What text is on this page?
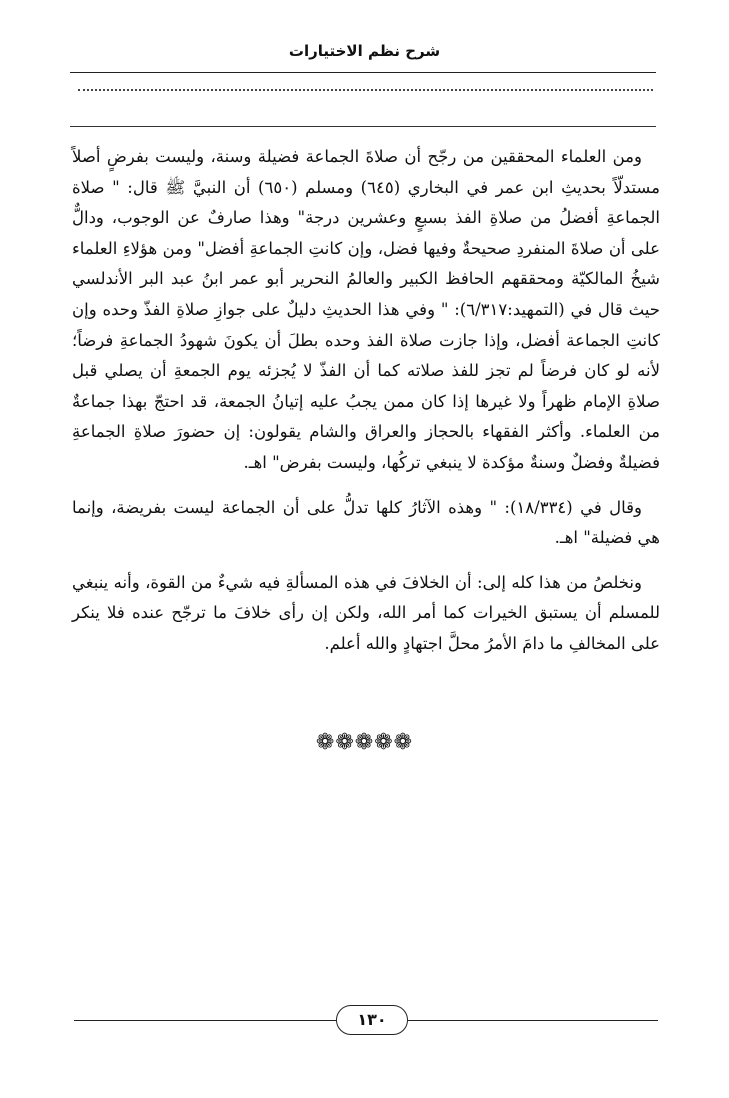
شرح نظم الاختيارات

ومن العلماء المحققين من رجّح أن صلاةَ الجماعة فضيلة وسنة، وليست بفرضٍ أصلاً مستدلّاً بحديثِ ابن عمر في البخاري (٦٤٥) ومسلم (٦٥٠) أن النبيَّ ﷺ قال: " صلاة الجماعةِ أفضلُ من صلاةِ الفذ بسبعٍ وعشرين درجة" وهذا صارفٌ عن الوجوب، ودالٌّ على أن صلاةَ المنفردِ صحيحةٌ وفيها فضل، وإن كانتِ الجماعةِ أفضل" ومن هؤلاءِ العلماء شيخُ المالكيّة ومحققهم الحافظ الكبير والعالمُ النحرير أبو عمر ابنُ عبد البر الأندلسي حيث قال في (التمهيد:٦/٣١٧): " وفي هذا الحديثِ دليلٌ على جوازِ صلاةِ الفذّ وحده وإن كانتِ الجماعة أفضل، وإذا جازت صلاة الفذ وحده بطلَ أن يكونَ شهودُ الجماعةِ فرضاً؛ لأنه لو كان فرضاً لم تجز للفذ صلاته كما أن الفذّ لا يُجزئه يوم الجمعةِ أن يصلي قبل صلاةِ الإمام ظهراً ولا غيرها إذا كان ممن يجبُ عليه إتيانُ الجمعة، قد احتجّ بهذا جماعةٌ من العلماء. وأكثر الفقهاء بالحجاز والعراق والشام يقولون: إن حضورَ صلاةِ الجماعةِ فضيلةٌ وفضلٌ وسنةٌ مؤكدة لا ينبغي تركُها، وليست بفرض" اهـ.

وقال في (١٨/٣٣٤): " وهذه الآثارُ كلها تدلُّ على أن الجماعة ليست بفريضة، وإنما هي فضيلة" اهـ.

ونخلصُ من هذا كله إلى: أن الخلافَ في هذه المسألةِ فيه شيءٌ من القوة، وأنه ينبغي للمسلم أن يستبق الخيرات كما أمر الله، ولكن إن رأى خلافَ ما ترجّح عنده فلا ينكر على المخالفِ ما دامَ الأمرُ محلَّ اجتهادٍ والله أعلم.

❁❁❁❁❁
١٣٠
